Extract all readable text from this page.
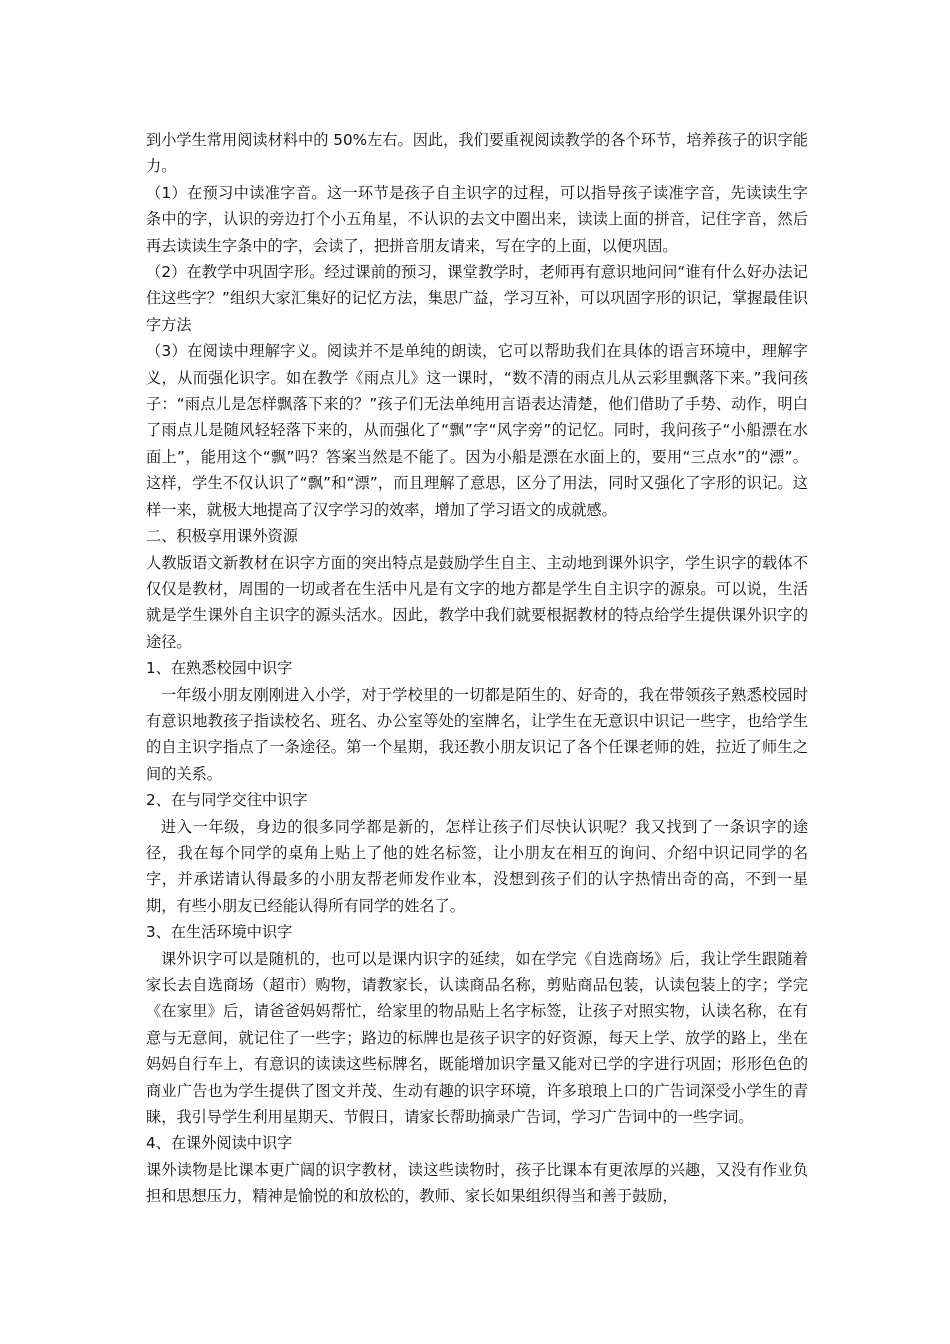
到小学生常用阅读材料中的 50%左右。因此，我们要重视阅读教学的各个环节，培养孩子的识字能力。

（1）在预习中读准字音。这一环节是孩子自主识字的过程，可以指导孩子读准字音，先读读生字条中的字，认识的旁边打个小五角星，不认识的去文中圈出来，读读上面的拼音，记住字音，然后再去读读生字条中的字，会读了，把拼音朋友请来，写在字的上面，以便巩固。

（2）在教学中巩固字形。经过课前的预习，课堂教学时，老师再有意识地问问“谁有什么好办法记住这些字？”组织大家汇集好的记忆方法，集思广益，学习互补，可以巩固字形的识记，掌握最佳识字方法

（3）在阅读中理解字义。阅读并不是单纯的朗读，它可以帮助我们在具体的语言环境中，理解字义，从而强化识字。如在教学《雨点儿》这一课时，“数不清的雨点儿从云彩里飘落下来。”我问孩子：“雨点儿是怎样飘落下来的？”孩子们无法单纯用言语表达清楚，他们借助了手势、动作，明白了雨点儿是随风轻轻落下来的，从而强化了“飘”字“风字旁”的记忆。同时，我问孩子“小船漂在水面上”，能用这个“飘”吗？答案当然是不能了。因为小船是漂在水面上的，要用“三点水”的“漂”。这样，学生不仅认识了“飘”和“漂”，而且理解了意思，区分了用法，同时又强化了字形的识记。这样一来，就极大地提高了汉字学习的效率，增加了学习语文的成就感。

二、积极享用课外资源

人教版语文新教材在识字方面的突出特点是鼓励学生自主、主动地到课外识字，学生识字的载体不仅仅是教材，周围的一切或者在生活中凡是有文字的地方都是学生自主识字的源泉。可以说，生活就是学生课外自主识字的源头活水。因此，教学中我们就要根据教材的特点给学生提供课外识字的途径。

1、在熟悉校园中识字

一年级小朋友刚刚进入小学，对于学校里的一切都是陌生的、好奇的，我在带领孩子熟悉校园时有意识地教孩子指读校名、班名、办公室等处的室牌名，让学生在无意识中识记一些字，也给学生的自主识字指点了一条途径。第一个星期，我还教小朋友识记了各个任课老师的姓，拉近了师生之间的关系。

2、在与同学交往中识字

进入一年级，身边的很多同学都是新的，怎样让孩子们尽快认识呢？我又找到了一条识字的途径，我在每个同学的桌角上贴上了他的姓名标签，让小朋友在相互的询问、介绍中识记同学的名字，并承诺请认得最多的小朋友帮老师发作业本，没想到孩子们的认字热情出奇的高，不到一星期，有些小朋友已经能认得所有同学的姓名了。

3、在生活环境中识字

课外识字可以是随机的，也可以是课内识字的延续，如在学完《自选商场》后，我让学生跟随着家长去自选商场（超市）购物，请教家长，认读商品名称，剪贴商品包装，认读包装上的字；学完《在家里》后，请爸爸妈妈帮忙，给家里的物品贴上名字标签，让孩子对照实物，认读名称，在有意与无意间，就记住了一些字；路边的标牌也是孩子识字的好资源，每天上学、放学的路上，坐在妈妈自行车上，有意识的读读这些标牌名，既能增加识字量又能对已学的字进行巩固；形形色色的商业广告也为学生提供了图文并茂、生动有趣的识字环境，许多琅琅上口的广告词深受小学生的青睐，我引导学生利用星期天、节假日，请家长帮助摘录广告词，学习广告词中的一些字词。

4、在课外阅读中识字

课外读物是比课本更广阔的识字教材，读这些读物时，孩子比课本有更浓厚的兴趣，又没有作业负担和思想压力，精神是愉悦的和放松的，教师、家长如果组织得当和善于鼓励，
